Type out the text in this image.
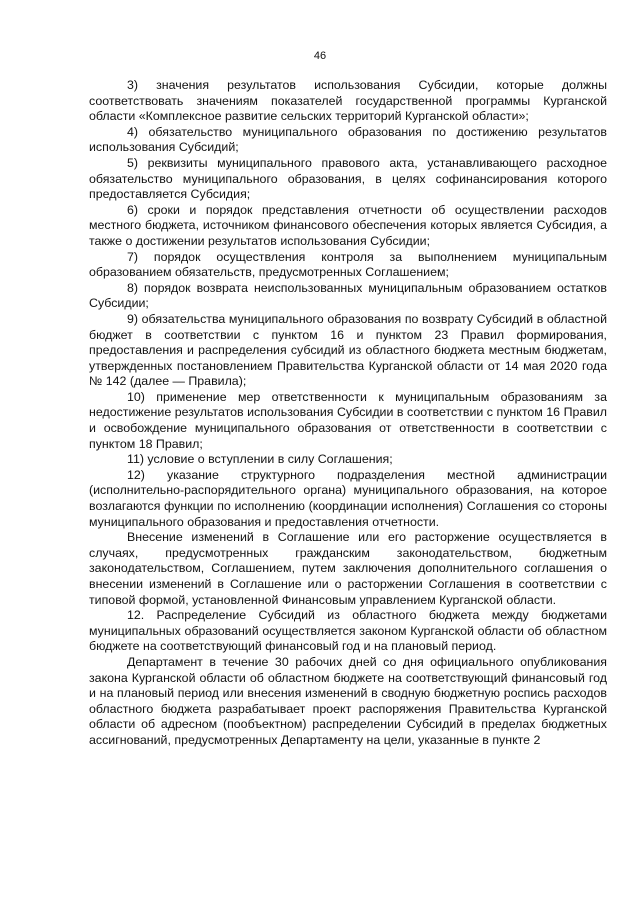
46

3) значения результатов использования Субсидии, которые должны соответствовать значениям показателей государственной программы Курганской области «Комплексное развитие сельских территорий Курганской области»;

4) обязательство муниципального образования по достижению результатов использования Субсидий;

5) реквизиты муниципального правового акта, устанавливающего расходное обязательство муниципального образования, в целях софинансирования которого предоставляется Субсидия;

6) сроки и порядок представления отчетности об осуществлении расходов местного бюджета, источником финансового обеспечения которых является Субсидия, а также о достижении результатов использования Субсидии;

7) порядок осуществления контроля за выполнением муниципальным образованием обязательств, предусмотренных Соглашением;

8) порядок возврата неиспользованных муниципальным образованием остатков Субсидии;

9) обязательства муниципального образования по возврату Субсидий в областной бюджет в соответствии с пунктом 16 и пунктом 23 Правил формирования, предоставления и распределения субсидий из областного бюджета местным бюджетам, утвержденных постановлением Правительства Курганской области от 14 мая 2020 года № 142 (далее — Правила);

10) применение мер ответственности к муниципальным образованиям за недостижение результатов использования Субсидии в соответствии с пунктом 16 Правил и освобождение муниципального образования от ответственности в соответствии с пунктом 18 Правил;

11) условие о вступлении в силу Соглашения;

12) указание структурного подразделения местной администрации (исполнительно-распорядительного органа) муниципального образования, на которое возлагаются функции по исполнению (координации исполнения) Соглашения со стороны муниципального образования и предоставления отчетности.

Внесение изменений в Соглашение или его расторжение осуществляется в случаях, предусмотренных гражданским законодательством, бюджетным законодательством, Соглашением, путем заключения дополнительного соглашения о внесении изменений в Соглашение или о расторжении Соглашения в соответствии с типовой формой, установленной Финансовым управлением Курганской области.

12. Распределение Субсидий из областного бюджета между бюджетами муниципальных образований осуществляется законом Курганской области об областном бюджете на соответствующий финансовый год и на плановый период.

Департамент в течение 30 рабочих дней со дня официального опубликования закона Курганской области об областном бюджете на соответствующий финансовый год и на плановый период или внесения изменений в сводную бюджетную роспись расходов областного бюджета разрабатывает проект распоряжения Правительства Курганской области об адресном (пообъектном) распределении Субсидий в пределах бюджетных ассигнований, предусмотренных Департаменту на цели, указанные в пункте 2
